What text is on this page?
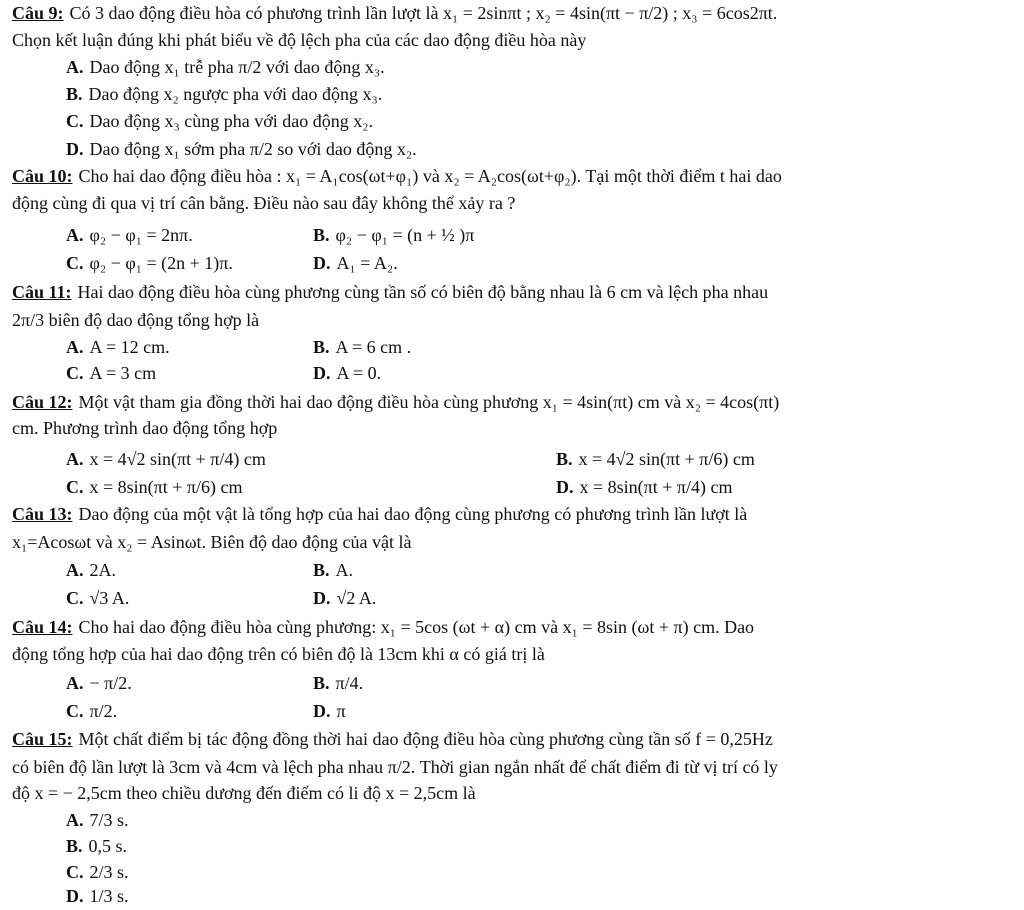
Câu 9: Có 3 dao động điều hòa có phương trình lần lượt là x₁ = 2sinπt ; x₂ = 4sin(πt − π/2) ; x₃ = 6cos2πt.
Chọn kết luận đúng khi phát biểu về độ lệch pha của các dao động điều hòa này
A. Dao động x₁ trễ pha π/2 với dao động x₃.
B. Dao động x₂ ngược pha với dao động x₃.
C. Dao động x₃ cùng pha với dao động x₂.
D. Dao động x₁ sớm pha π/2 so với dao động x₂.
Câu 10: Cho hai dao động điều hòa : x₁ = A₁cos(ωt+φ₁) và x₂ = A₂cos(ωt+φ₂). Tại một thời điểm t hai dao
động cùng đi qua vị trí cân bằng. Điều nào sau đây không thể xảy ra ?
A. φ₂ − φ₁ = 2nπ.	B. φ₂ − φ₁ = (n + ½ )π
C. φ₂ − φ₁ = (2n + 1)π.	D. A₁ = A₂.
Câu 11: Hai dao động điều hòa cùng phương cùng tần số có biên độ bằng nhau là 6 cm và lệch pha nhau
2π/3 biên độ dao động tổng hợp là
A. A = 12 cm.	B. A = 6 cm .
C. A = 3 cm	D. A = 0.
Câu 12: Một vật tham gia đồng thời hai dao động điều hòa cùng phương x₁ = 4sin(πt) cm và x₂ = 4cos(πt)
cm. Phương trình dao động tổng hợp
A. x = 4√2 sin(πt + π/4) cm	B. x = 4√2 sin(πt + π/6) cm
C. x = 8sin(πt + π/6) cm	D. x = 8sin(πt + π/4) cm
Câu 13: Dao động của một vật là tổng hợp của hai dao động cùng phương có phương trình lần lượt là
x₁=Acosωt và x₂ = Asinωt. Biên độ dao động của vật là
A. 2A.	B. A.
C. √3 A.	D. √2 A.
Câu 14: Cho hai dao động điều hòa cùng phương: x₁ = 5cos (ωt + α) cm và x₁ = 8sin (ωt + π) cm. Dao
động tổng hợp của hai dao động trên có biên độ là 13cm khi α có giá trị là
A. − π/2.	B. π/4.
C. π/2.	D. π
Câu 15: Một chất điểm bị tác động đồng thời hai dao động điều hòa cùng phương cùng tần số f = 0,25Hz
có biên độ lần lượt là 3cm và 4cm và lệch pha nhau π/2. Thời gian ngắn nhất để chất điểm đi từ vị trí có ly
độ x = − 2,5cm theo chiều dương đến điểm có li độ x = 2,5cm là
A. 7/3 s.
B. 0,5 s.
C. 2/3 s.
D. 1/3 s.
